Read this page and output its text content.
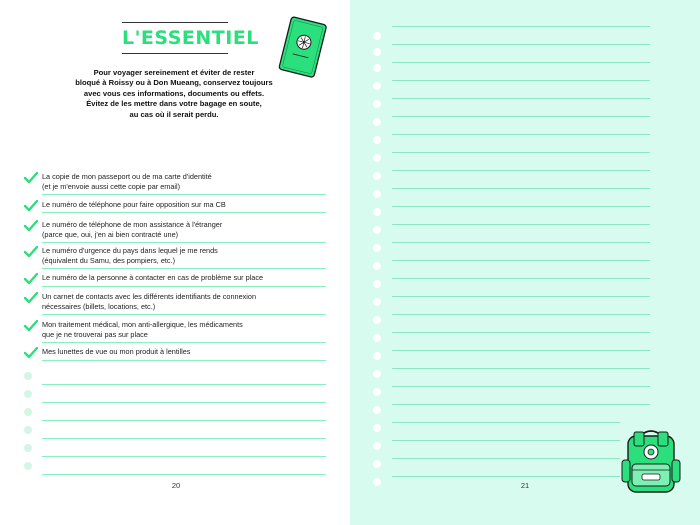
L'ESSENTIEL
Pour voyager sereinement et éviter de rester
bloqué à Roissy ou à Don Mueang, conservez toujours
avec vous ces informations, documents ou effets.
Évitez de les mettre dans votre bagage en soute,
au cas où il serait perdu.
La copie de mon passeport ou de ma carte d'identité
(et je m'envoie aussi cette copie par email)
Le numéro de téléphone pour faire opposition sur ma CB
Le numéro de téléphone de mon assistance à l'étranger
(parce que, oui, j'en ai bien contracté une)
Le numéro d'urgence du pays dans lequel je me rends
(équivalent du Samu, des pompiers, etc.)
Le numéro de la personne à contacter en cas de problème sur place
Un carnet de contacts avec les différents identifiants de connexion
nécessaires (billets, locations, etc.)
Mon traitement médical, mon anti-allergique, les médicaments
que je ne trouverai pas sur place
Mes lunettes de vue ou mon produit à lentilles
20	21
